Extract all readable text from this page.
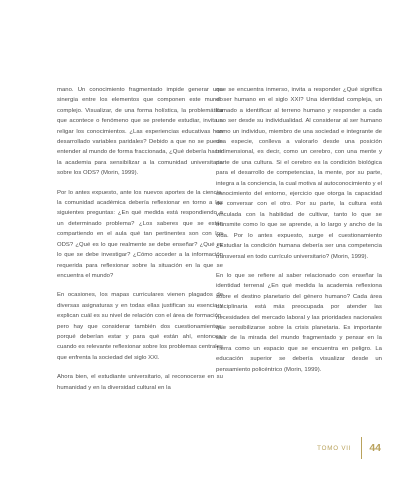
mano. Un conocimiento fragmentado impide generar una sinergia entre los elementos que componen este mundo complejo. Visualizar, de una forma holística, la problemática que acontece o fenómeno que se pretende estudiar, invita a religar los conocimientos. ¿Las experiencias educativas han desarrollado variables paridales? Debido a que no se puede entender al mundo de forma fraccionada, ¿Qué debería hacer la academia para sensibilizar a la comunidad universitaria sobre los ODS? (Morin, 1999).

Por lo antes expuesto, ante los nuevos aportes de la ciencia, la comunidad académica debería reflexionar en torno a las siguientes preguntas: ¿En qué medida está respondiendo a un determinado problema? ¿Los saberes que se están compartiendo en el aula qué tan pertinentes son con los ODS? ¿Qué es lo que realmente se debe enseñar? ¿Qué es lo que se debe investigar? ¿Cómo acceder a la información requerida para reflexionar sobre la situación en la que se encuentra el mundo?

En ocasiones, los mapas curriculares vienen plagados de diversas asignaturas y en todas ellas justifican su esencia y explican cuál es su nivel de relación con el área de formación, pero hay que considerar también dos cuestionamientos: porqué deberían estar y para qué están ahí, entonces, cuando es relevante reflexionar sobre los problemas centrales que enfrenta la sociedad del siglo XXI.

Ahora bien, el estudiante universitario, al reconocerse en su humanidad y en la diversidad cultural en la

que se encuentra inmerso, invita a responder ¿Qué significa el ser humano en el siglo XXI? Una identidad compleja, un llamado a identificar al terreno humano y responder a cada uno ser desde su individualidad. Al considerar al ser humano como un individuo, miembro de una sociedad e integrante de una especie, conlleva a valorarlo desde una posición tridimensional, es decir, como un cerebro, con una mente y parte de una cultura. Si el cerebro es la condición biológica para el desarrollo de competencias, la mente, por su parte, integra a la conciencia, la cual motiva al autoconocimiento y el conocimiento del entorno, ejercicio que otorga la capacidad de conversar con el otro. Por su parte, la cultura está vinculada con la habilidad de cultivar, tanto lo que se transmite como lo que se aprende, a lo largo y ancho de la vida. Por lo antes expuesto, surge el cuestionamiento ¿Estudiar la condición humana debería ser una competencia transversal en todo currículo universitario? (Morin, 1999).

En lo que se refiere al saber relacionado con enseñar la identidad terrenal ¿En qué medida la academia reflexiona sobre el destino planetario del género humano? Cada área disciplinaria está más preocupada por atender las necesidades del mercado laboral y las prioridades nacionales que sensibilizarse sobre la crisis planetaria. Es importante salir de la mirada del mundo fragmentado y pensar en la Tierra como un espacio que se encuentra en peligro. La educación superior se debería visualizar desde un pensamiento policéntrico (Morin, 1999).

TOMO VII 44
